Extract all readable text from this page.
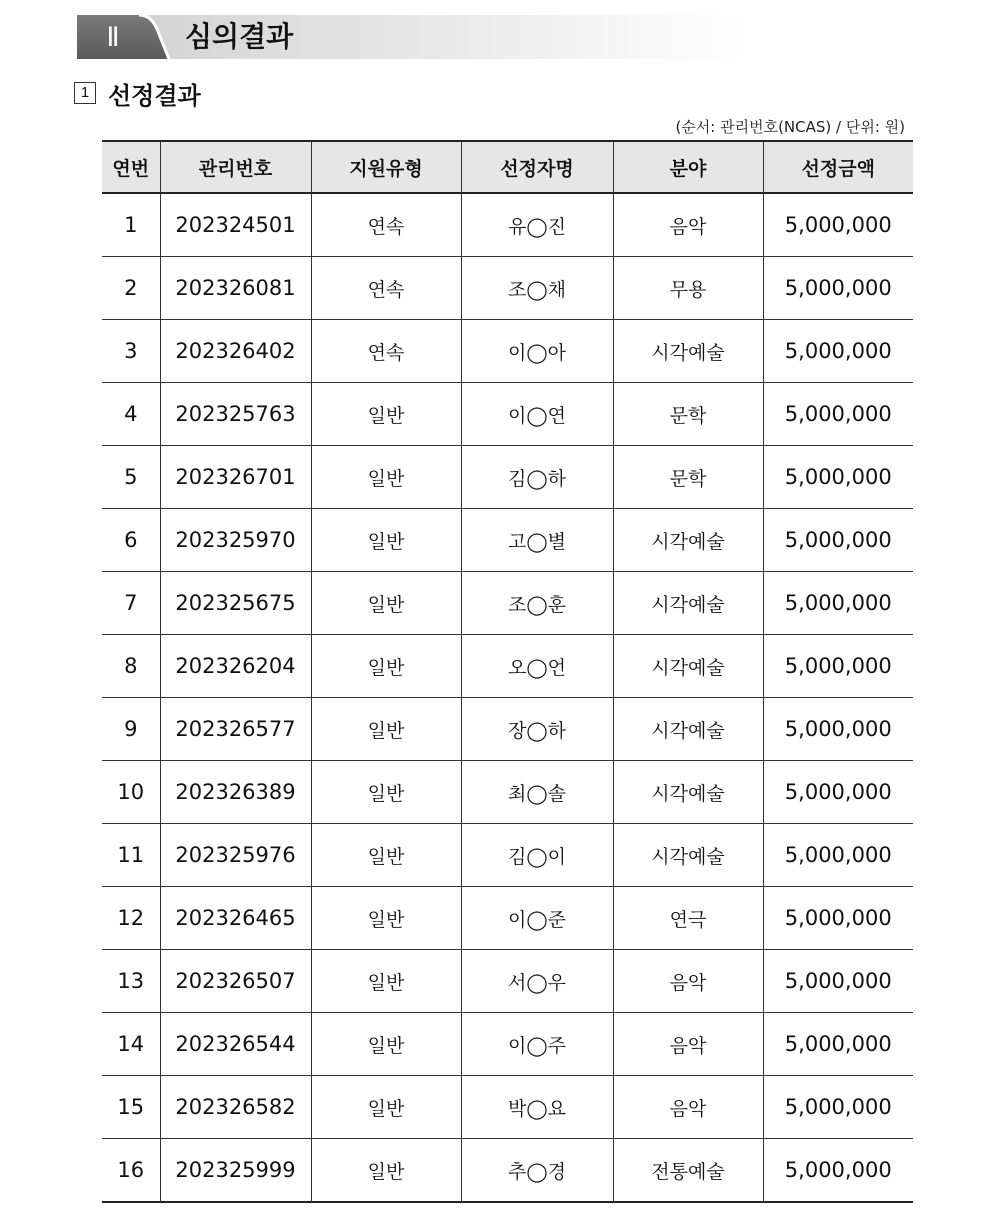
Ⅱ	심의결과
1 선정결과
(순서: 관리번호(NCAS) / 단위: 원)
연번	관리번호	지원유형	선정자명	분야	선정금액
1	202324501	연속	유◯진	음악	5,000,000
2	202326081	연속	조◯채	무용	5,000,000
3	202326402	연속	이◯아	시각예술	5,000,000
4	202325763	일반	이◯연	문학	5,000,000
5	202326701	일반	김◯하	문학	5,000,000
6	202325970	일반	고◯별	시각예술	5,000,000
7	202325675	일반	조◯훈	시각예술	5,000,000
8	202326204	일반	오◯언	시각예술	5,000,000
9	202326577	일반	장◯하	시각예술	5,000,000
10	202326389	일반	최◯솔	시각예술	5,000,000
11	202325976	일반	김◯이	시각예술	5,000,000
12	202326465	일반	이◯준	연극	5,000,000
13	202326507	일반	서◯우	음악	5,000,000
14	202326544	일반	이◯주	음악	5,000,000
15	202326582	일반	박◯요	음악	5,000,000
16	202325999	일반	추◯경	전통예술	5,000,000
